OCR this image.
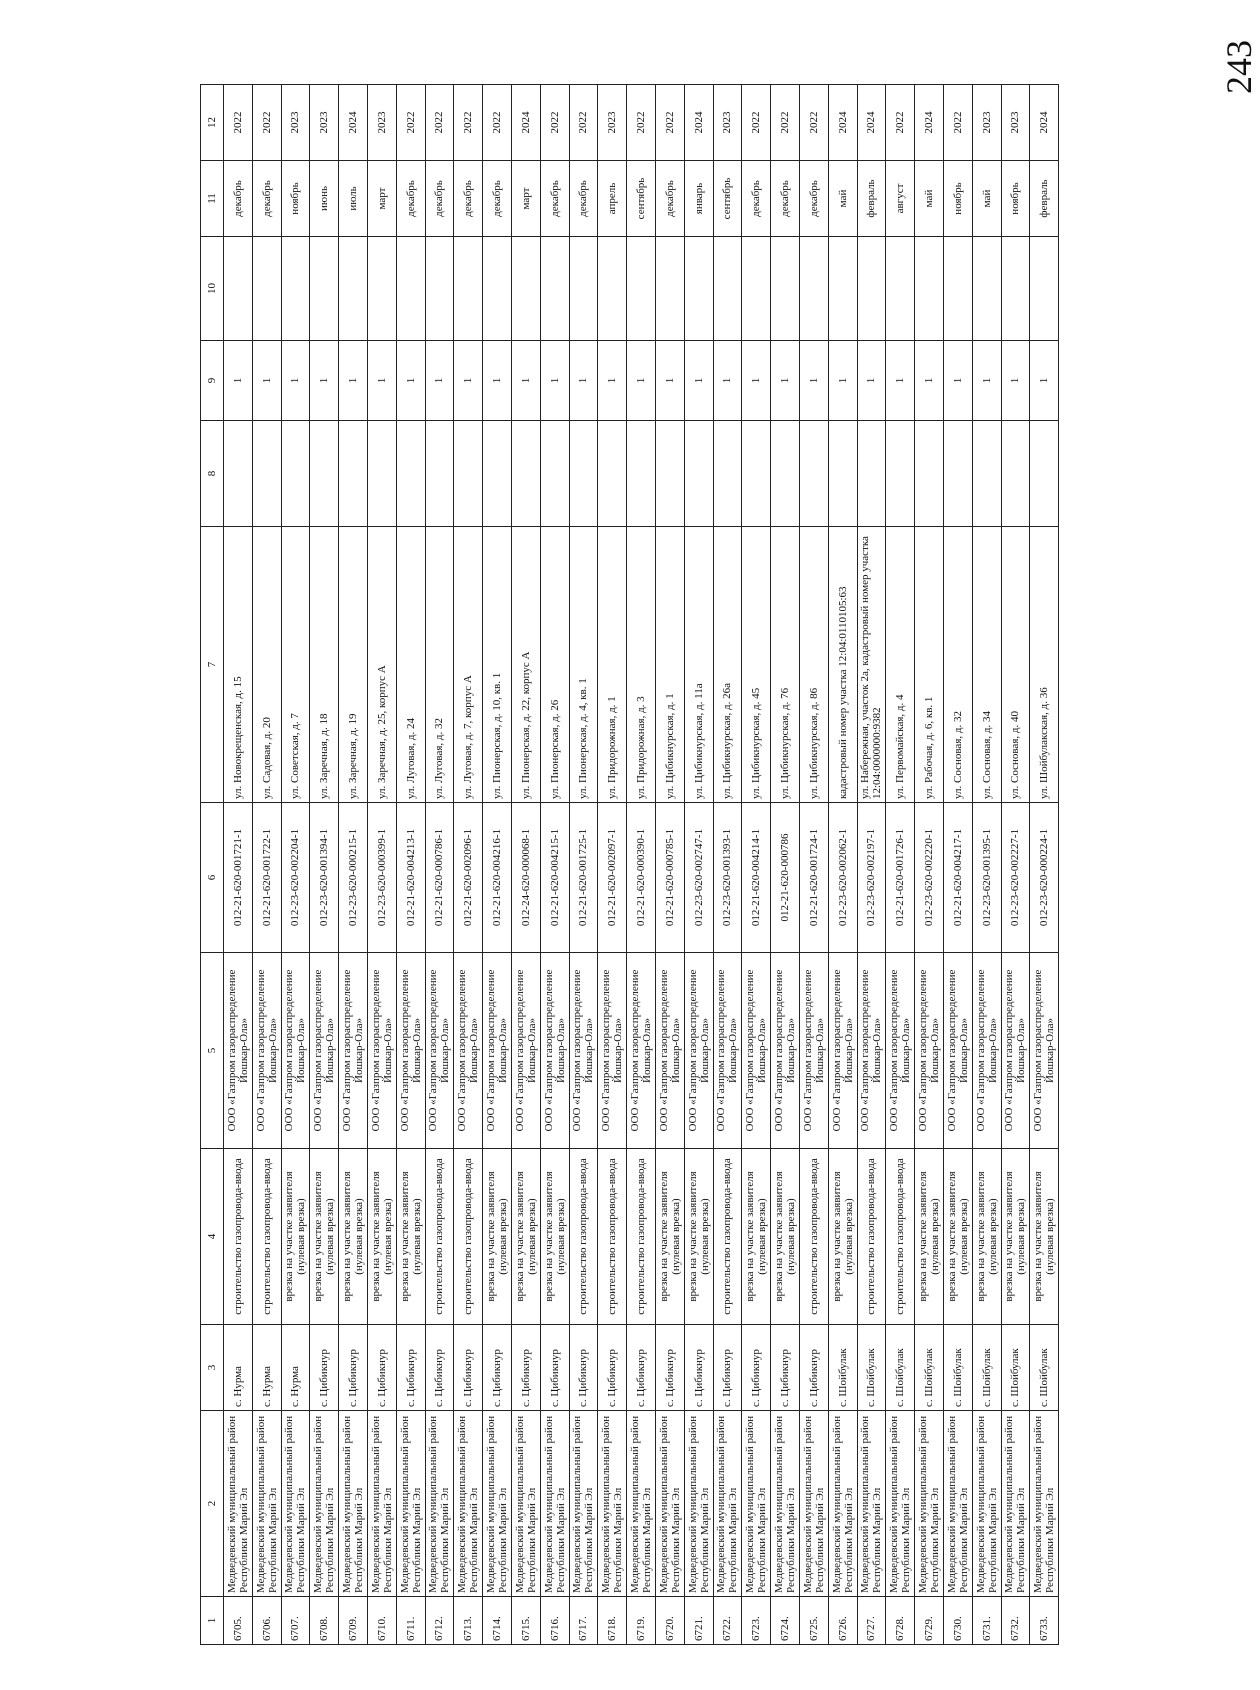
243
1	2	3	4	5	6	7	8	9	10	11	12
6705.	Медведевский муниципальный район Республики Марий Эл	с. Нурма	строительство газопровода-ввода	ООО «Газпром газораспределение Йошкар-Ола»	012-21-620-001721-1	ул. Новокрещенская, д. 15		1		декабрь	2022
6706.	Медведевский муниципальный район Республики Марий Эл	с. Нурма	строительство газопровода-ввода	ООО «Газпром газораспределение Йошкар-Ола»	012-21-620-001722-1	ул. Садовая, д. 20		1		декабрь	2022
6707.	Медведевский муниципальный район Республики Марий Эл	с. Нурма	врезка на участке заявителя (нулевая врезка)	ООО «Газпром газораспределение Йошкар-Ола»	012-23-620-002204-1	ул. Советская, д. 7		1		ноябрь	2023
6708.	Медведевский муниципальный район Республики Марий Эл	с. Цибикнур	врезка на участке заявителя (нулевая врезка)	ООО «Газпром газораспределение Йошкар-Ола»	012-23-620-001394-1	ул. Заречная, д. 18		1		июнь	2023
6709.	Медведевский муниципальный район Республики Марий Эл	с. Цибикнур	врезка на участке заявителя (нулевая врезка)	ООО «Газпром газораспределение Йошкар-Ола»	012-23-620-000215-1	ул. Заречная, д. 19		1		июль	2024
6710.	Медведевский муниципальный район Республики Марий Эл	с. Цибикнур	врезка на участке заявителя (нулевая врезка)	ООО «Газпром газораспределение Йошкар-Ола»	012-23-620-000399-1	ул. Заречная, д. 25, корпус А		1		март	2023
6711.	Медведевский муниципальный район Республики Марий Эл	с. Цибикнур	врезка на участке заявителя (нулевая врезка)	ООО «Газпром газораспределение Йошкар-Ола»	012-21-620-004213-1	ул. Луговая, д. 24		1		декабрь	2022
6712.	Медведевский муниципальный район Республики Марий Эл	с. Цибикнур	строительство газопровода-ввода	ООО «Газпром газораспределение Йошкар-Ола»	012-21-620-000786-1	ул. Луговая, д. 32		1		декабрь	2022
6713.	Медведевский муниципальный район Республики Марий Эл	с. Цибикнур	строительство газопровода-ввода	ООО «Газпром газораспределение Йошкар-Ола»	012-21-620-002096-1	ул. Луговая, д. 7, корпус А		1		декабрь	2022
6714.	Медведевский муниципальный район Республики Марий Эл	с. Цибикнур	врезка на участке заявителя (нулевая врезка)	ООО «Газпром газораспределение Йошкар-Ола»	012-21-620-004216-1	ул. Пионерская, д. 10, кв. 1		1		декабрь	2022
6715.	Медведевский муниципальный район Республики Марий Эл	с. Цибикнур	врезка на участке заявителя (нулевая врезка)	ООО «Газпром газораспределение Йошкар-Ола»	012-24-620-000068-1	ул. Пионерская, д. 22, корпус А		1		март	2024
6716.	Медведевский муниципальный район Республики Марий Эл	с. Цибикнур	врезка на участке заявителя (нулевая врезка)	ООО «Газпром газораспределение Йошкар-Ола»	012-21-620-004215-1	ул. Пионерская, д. 26		1		декабрь	2022
6717.	Медведевский муниципальный район Республики Марий Эл	с. Цибикнур	строительство газопровода-ввода	ООО «Газпром газораспределение Йошкар-Ола»	012-21-620-001725-1	ул. Пионерская, д. 4, кв. 1		1		декабрь	2022
6718.	Медведевский муниципальный район Республики Марий Эл	с. Цибикнур	строительство газопровода-ввода	ООО «Газпром газораспределение Йошкар-Ола»	012-21-620-002097-1	ул. Придорожная, д. 1		1		апрель	2023
6719.	Медведевский муниципальный район Республики Марий Эл	с. Цибикнур	строительство газопровода-ввода	ООО «Газпром газораспределение Йошкар-Ола»	012-21-620-000390-1	ул. Придорожная, д. 3		1		сентябрь	2022
6720.	Медведевский муниципальный район Республики Марий Эл	с. Цибикнур	врезка на участке заявителя (нулевая врезка)	ООО «Газпром газораспределение Йошкар-Ола»	012-21-620-000785-1	ул. Цибикнурская, д. 1		1		декабрь	2022
6721.	Медведевский муниципальный район Республики Марий Эл	с. Цибикнур	врезка на участке заявителя (нулевая врезка)	ООО «Газпром газораспределение Йошкар-Ола»	012-23-620-002747-1	ул. Цибикнурская, д. 11а		1		январь	2024
6722.	Медведевский муниципальный район Республики Марий Эл	с. Цибикнур	строительство газопровода-ввода	ООО «Газпром газораспределение Йошкар-Ола»	012-23-620-001393-1	ул. Цибикнурская, д. 26а		1		сентябрь	2023
6723.	Медведевский муниципальный район Республики Марий Эл	с. Цибикнур	врезка на участке заявителя (нулевая врезка)	ООО «Газпром газораспределение Йошкар-Ола»	012-21-620-004214-1	ул. Цибикнурская, д. 45		1		декабрь	2022
6724.	Медведевский муниципальный район Республики Марий Эл	с. Цибикнур	врезка на участке заявителя (нулевая врезка)	ООО «Газпром газораспределение Йошкар-Ола»	012-21-620-000786	ул. Цибикнурская, д. 76		1		декабрь	2022
6725.	Медведевский муниципальный район Республики Марий Эл	с. Цибикнур	строительство газопровода-ввода	ООО «Газпром газораспределение Йошкар-Ола»	012-21-620-001724-1	ул. Цибикнурская, д. 86		1		декабрь	2022
6726.	Медведевский муниципальный район Республики Марий Эл	с. Шойбулак	врезка на участке заявителя (нулевая врезка)	ООО «Газпром газораспределение Йошкар-Ола»	012-23-620-002062-1	кадастровый номер участка 12:04:0110105:63		1		май	2024
6727.	Медведевский муниципальный район Республики Марий Эл	с. Шойбулак	строительство газопровода-ввода	ООО «Газпром газораспределение Йошкар-Ола»	012-23-620-002197-1	ул. Набережная, участок 2а, кадастровый номер участка 12:04:0000000:9382		1		февраль	2024
6728.	Медведевский муниципальный район Республики Марий Эл	с. Шойбулак	строительство газопровода-ввода	ООО «Газпром газораспределение Йошкар-Ола»	012-21-620-001726-1	ул. Первомайская, д. 4		1		август	2022
6729.	Медведевский муниципальный район Республики Марий Эл	с. Шойбулак	врезка на участке заявителя (нулевая врезка)	ООО «Газпром газораспределение Йошкар-Ола»	012-23-620-002220-1	ул. Рабочая, д. 6, кв. 1		1		май	2024
6730.	Медведевский муниципальный район Республики Марий Эл	с. Шойбулак	врезка на участке заявителя (нулевая врезка)	ООО «Газпром газораспределение Йошкар-Ола»	012-21-620-004217-1	ул. Сосновая, д. 32		1		ноябрь	2022
6731.	Медведевский муниципальный район Республики Марий Эл	с. Шойбулак	врезка на участке заявителя (нулевая врезка)	ООО «Газпром газораспределение Йошкар-Ола»	012-23-620-001395-1	ул. Сосновая, д. 34		1		май	2023
6732.	Медведевский муниципальный район Республики Марий Эл	с. Шойбулак	врезка на участке заявителя (нулевая врезка)	ООО «Газпром газораспределение Йошкар-Ола»	012-23-620-002227-1	ул. Сосновая, д. 40		1		ноябрь	2023
6733.	Медведевский муниципальный район Республики Марий Эл	с. Шойбулак	врезка на участке заявителя (нулевая врезка)	ООО «Газпром газораспределение Йошкар-Ола»	012-23-620-000224-1	ул. Шойбулакская, д. 36		1		февраль	2024
